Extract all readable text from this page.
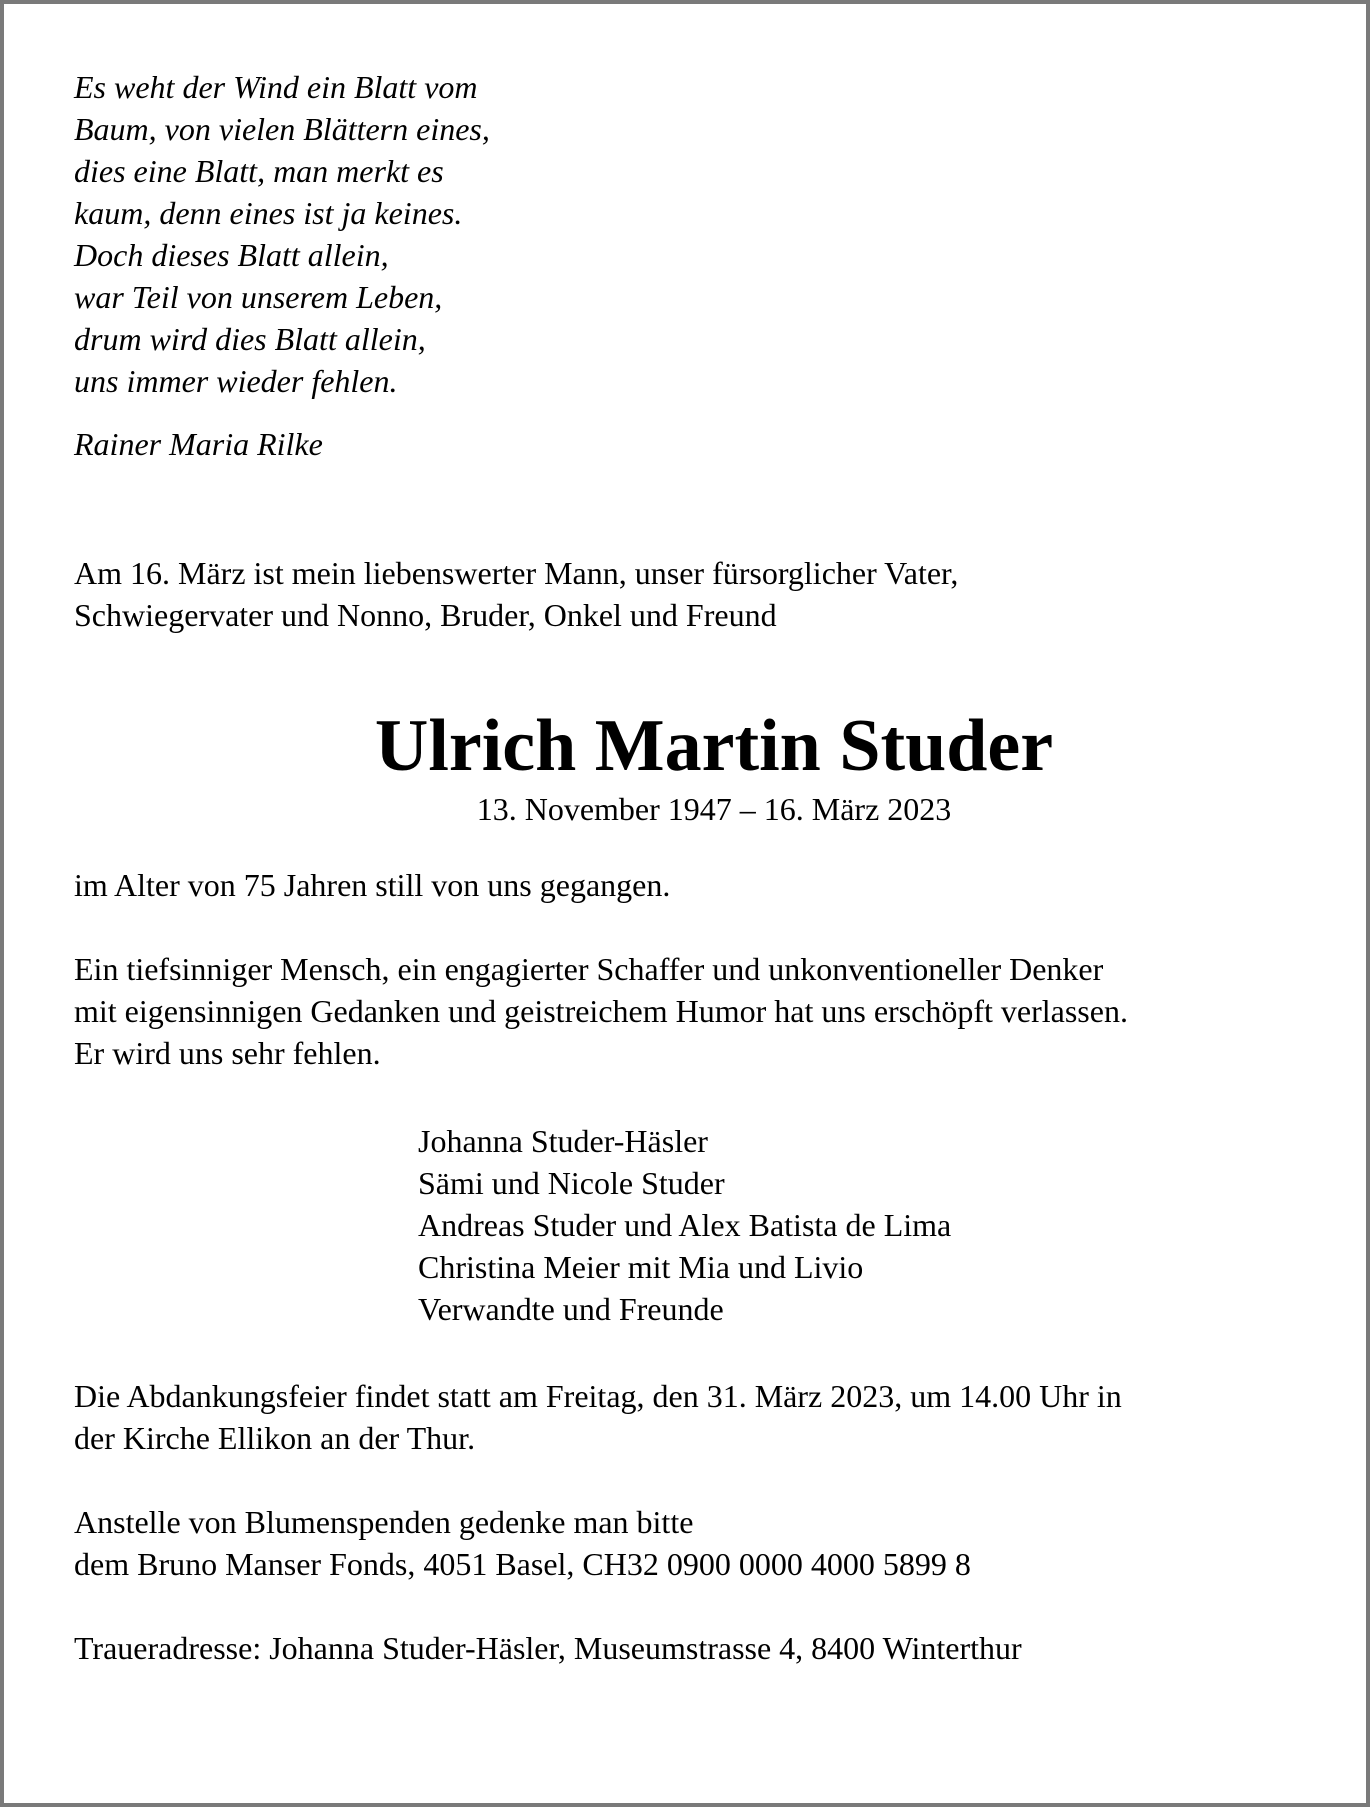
Es weht der Wind ein Blatt vom
Baum, von vielen Blättern eines,
dies eine Blatt, man merkt es
kaum, denn eines ist ja keines.
Doch dieses Blatt allein,
war Teil von unserem Leben,
drum wird dies Blatt allein,
uns immer wieder fehlen.
Rainer Maria Rilke
Am 16. März ist mein liebenswerter Mann, unser fürsorglicher Vater,
Schwiegervater und Nonno, Bruder, Onkel und Freund
Ulrich Martin Studer
13. November 1947 – 16. März 2023
im Alter von 75 Jahren still von uns gegangen.
Ein tiefsinniger Mensch, ein engagierter Schaffer und unkonventioneller Denker
mit eigensinnigen Gedanken und geistreichem Humor hat uns erschöpft verlassen.
Er wird uns sehr fehlen.
Johanna Studer-Häsler
Sämi und Nicole Studer
Andreas Studer und Alex Batista de Lima
Christina Meier mit Mia und Livio
Verwandte und Freunde
Die Abdankungsfeier findet statt am Freitag, den 31. März 2023, um 14.00 Uhr in
der Kirche Ellikon an der Thur.
Anstelle von Blumenspenden gedenke man bitte
dem Bruno Manser Fonds, 4051 Basel, CH32 0900 0000 4000 5899 8
Traueradresse: Johanna Studer-Häsler, Museumstrasse 4, 8400 Winterthur
